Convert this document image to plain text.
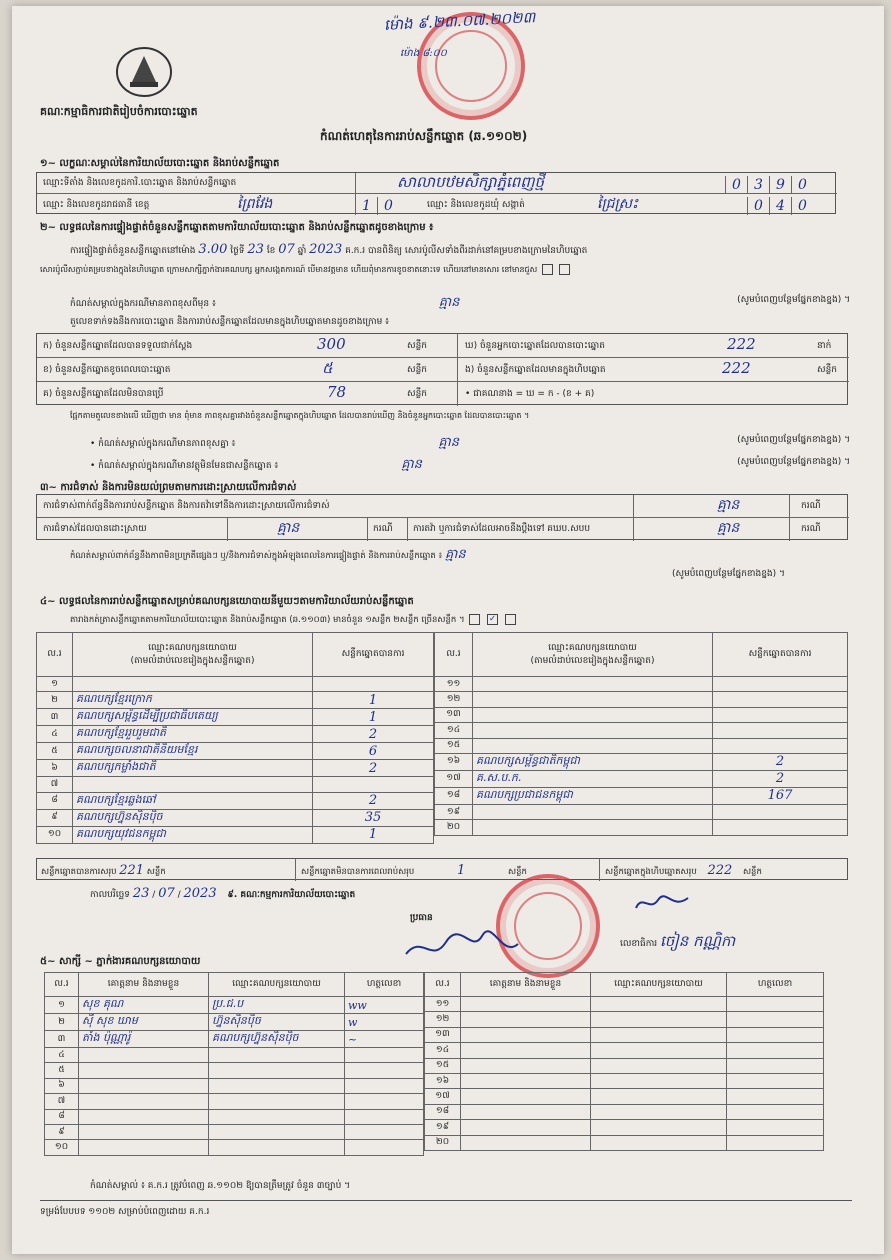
ម៉ោង ៩.២៣.០៧.២០២៣
ម៉ោង ៨:០០
គណៈកម្មាធិការជាតិរៀបចំការបោះឆ្នោត
កំណត់ហេតុនៃការរាប់សន្លឹកឆ្នោត (ឆ.១១០២)
១~ លក្ខណៈសម្គាល់នៃការិយាល័យបោះឆ្នោត និងរាប់សន្លឹកឆ្នោត
ឈ្មោះទីតាំង និងលេខកូដការិ.បោះឆ្នោត និងរាប់សន្លឹកឆ្នោត	សាលាបឋមសិក្សាភ្នំពេញថ្មី	0 3 9 0
ឈ្មោះ និងលេខកូដរាជធានី ខេត្ត	ព្រៃវែង	1 0	ឈ្មោះ និងលេខកូដឃុំ សង្កាត់	ជ្រៃស្រះ	0 4 0
២~ លទ្ធផលនៃការផ្ទៀងផ្ទាត់ចំនួនសន្លឹកឆ្នោតតាមការិយាល័យបោះឆ្នោត និងរាប់សន្លឹកឆ្នោតដូចខាងក្រោម ៖
ការផ្ទៀងផ្ទាត់ចំនួនសន្លឹកឆ្នោតនៅម៉ោង 3.00 ថ្ងៃទី 23 ខែ 07 ឆ្នាំ 2023 គ.ក.រ បានពិនិត្យ សោរប៉ូលីសទាំងពីរដាក់នៅគម្របខាងក្រោមនៃហិបឆ្នោត
សោរប៉ូលីសភ្ជាប់គម្របខាងក្នុងនៃហិបឆ្នោត ក្រោមសាក្សីភ្នាក់ងារគណបក្ស អ្នកសង្កេតការណ៍ បើមានវត្តមាន ហើយពុំមានការខូចខាតនោះទេ ហើយនៅមានសោរ នៅមានជួស
កំណត់សម្គាល់ក្នុងករណីមានភាពខុសពីមុន ៖	គ្មាន	(សូមបំពេញបន្ថែមផ្នែកខាងខ្នង) ។
តួលេខទាក់ទងនឹងការបោះឆ្នោត និងការរាប់សន្លឹកឆ្នោតដែលមានក្នុងហិបឆ្នោតមានដូចខាងក្រោម ៖
ក) ចំនួនសន្លឹកឆ្នោតដែលបានទទួលជាក់ស្តែង	300	សន្លឹក
ខ) ចំនួនសន្លឹកឆ្នោតខូចពេលបោះឆ្នោត	៥	សន្លឹក
គ) ចំនួនសន្លឹកឆ្នោតដែលមិនបានប្រើ	78	សន្លឹក
ឃ) ចំនួនអ្នកបោះឆ្នោតដែលបានបោះឆ្នោត	222	នាក់
ង) ចំនួនសន្លឹកឆ្នោតដែលមានក្នុងហិបឆ្នោត	222	សន្លឹក
• ជាគណនាង = ឃ = ក - (ខ + គ)
ផ្អែកតាមតួលេខខាងលើ ឃើញថា មាន ពុំមាន ភាពខុសគ្នារវាងចំនួនសន្លឹកឆ្នោតក្នុងហិបឆ្នោត ដែលបានរាប់ឃើញ និងចំនួនអ្នកបោះឆ្នោត ដែលបានបោះឆ្នោត ។
• កំណត់សម្គាល់ក្នុងករណីមានភាពខុសគ្នា ៖	គ្មាន	(សូមបំពេញបន្ថែមផ្នែកខាងខ្នង) ។
• កំណត់សម្គាល់ក្នុងករណីមានវត្ថុមិនមែនជាសន្លឹកឆ្នោត ៖	គ្មាន	(សូមបំពេញបន្ថែមផ្នែកខាងខ្នង) ។
៣~ ការជំទាស់ និងការមិនយល់ព្រមតាមការដោះស្រាយលើការជំទាស់
ការជំទាស់ពាក់ព័ន្ធនឹងការរាប់សន្លឹកឆ្នោត និងការតវ៉ាទៅនឹងការដោះស្រាយលើការជំទាស់	គ្មាន	ករណី
ការជំទាស់ដែលបានដោះស្រាយ	គ្មាន	ករណី ការតវ៉ា ឬការជំទាស់ដែលអាចនឹងប្តឹងទៅ គឃប.សបប	គ្មាន	ករណី
កំណត់សម្គាល់ពាក់ព័ន្ធនឹងភាពមិនប្រក្រតីផ្សេងៗ ឬ/និងការជំទាស់ក្នុងអំឡុងពេលនៃការផ្ទៀងផ្ទាត់ និងការរាប់សន្លឹកឆ្នោត ៖ គ្មាន
(សូមបំពេញបន្ថែមផ្នែកខាងខ្នង) ។
៤~ លទ្ធផលនៃការរាប់សន្លឹកឆ្នោតសម្រាប់គណបក្សនយោបាយនីមួយៗតាមការិយាល័យរាប់សន្លឹកឆ្នោត
តារាងកត់ត្រាសន្លឹកឆ្នោតតាមការិយាល័យបោះឆ្នោត និងរាប់សន្លឹកឆ្នោត (ឆ.១១០៣) មានចំនួន ១សន្លឹក ២សន្លឹក ច្រើនសន្លឹក ។	✓
ល.រ	ឈ្មោះគណបក្សនយោបាយ
(តាមលំដាប់លេខរៀងក្នុងសន្លឹកឆ្នោត)	សន្លឹកឆ្នោតបានការ
១		
២	គណបក្សខ្មែរក្រោក	1
៣	គណបក្សសម្ព័ន្ធដើម្បីប្រជាធិបតេយ្យ	1
៤	គណបក្សខ្មែររួបរួមជាតិ	2
៥	គណបក្សចលនាជាតិនិយមខ្មែរ	6
៦	គណបក្សកម្លាំងជាតិ	2
៧		
៨	គណបក្សខ្មែរឆ្លងឆៅ	2
៩	គណបក្សហ្វ៊ុនស៊ិនប៉ិច	35
១០	គណបក្សយុវជនកម្ពុជា	1
ល.រ	ឈ្មោះគណបក្សនយោបាយ
(តាមលំដាប់លេខរៀងក្នុងសន្លឹកឆ្នោត)	សន្លឹកឆ្នោតបានការ
១១		
១២		
១៣		
១៤		
១៥		
១៦	គណបក្សសម្ព័ន្ធជាតិកម្ពុជា	2
១៧	គ.ស.ប.ក.	2
១៨	គណបក្សប្រជាជនកម្ពុជា	167
១៩		
២០		
សន្លឹកឆ្នោតបានការសរុប 221 សន្លឹក	សន្លឹកឆ្នោតមិនបានការពេលរាប់សរុប	1	សន្លឹក	សន្លឹកឆ្នោតក្នុងហិបឆ្នោតសរុប 222 សន្លឹក
កាលបរិច្ឆេទ 23 / 07 / 2023 ៩. គណៈកម្មការការិយាល័យបោះឆ្នោត
ប្រធាន
លេខាធិការ ចៀន កណ្ណិកា
៥~ សាក្សី ~ ភ្នាក់ងារគណបក្សនយោបាយ
ល.រ	គោត្តនាម និងនាមខ្លួន	ឈ្មោះគណបក្សនយោបាយ	ហត្ថលេខា
១	សុខ គុណ	ប្រ.ជ.ប	ww
២	ស៊ី សុខ ឃាម	ហ្វ៊ុនស៊ិនប៉ិច	w
៣	តាំង ប៉ុណ្ណារ៉ូ	គណបក្សហ្វ៊ុនស៊ិនប៉ិច	~
៤			
៥			
៦			
៧			
៨			
៩			
១០			
ល.រ	គោត្តនាម និងនាមខ្លួន	ឈ្មោះគណបក្សនយោបាយ	ហត្ថលេខា
១១			
១២			
១៣			
១៤			
១៥			
១៦			
១៧			
១៨			
១៩			
២០			
កំណត់សម្គាល់ ៖ គ.ក.រ ត្រូវបំពេញ ឆ.១១០២ ឱ្យបានត្រឹមត្រូវ ចំនួន ៣ច្បាប់ ។
ទម្រង់បែបបទ ១១០២ សម្រាប់បំពេញដោយ គ.ក.រ
